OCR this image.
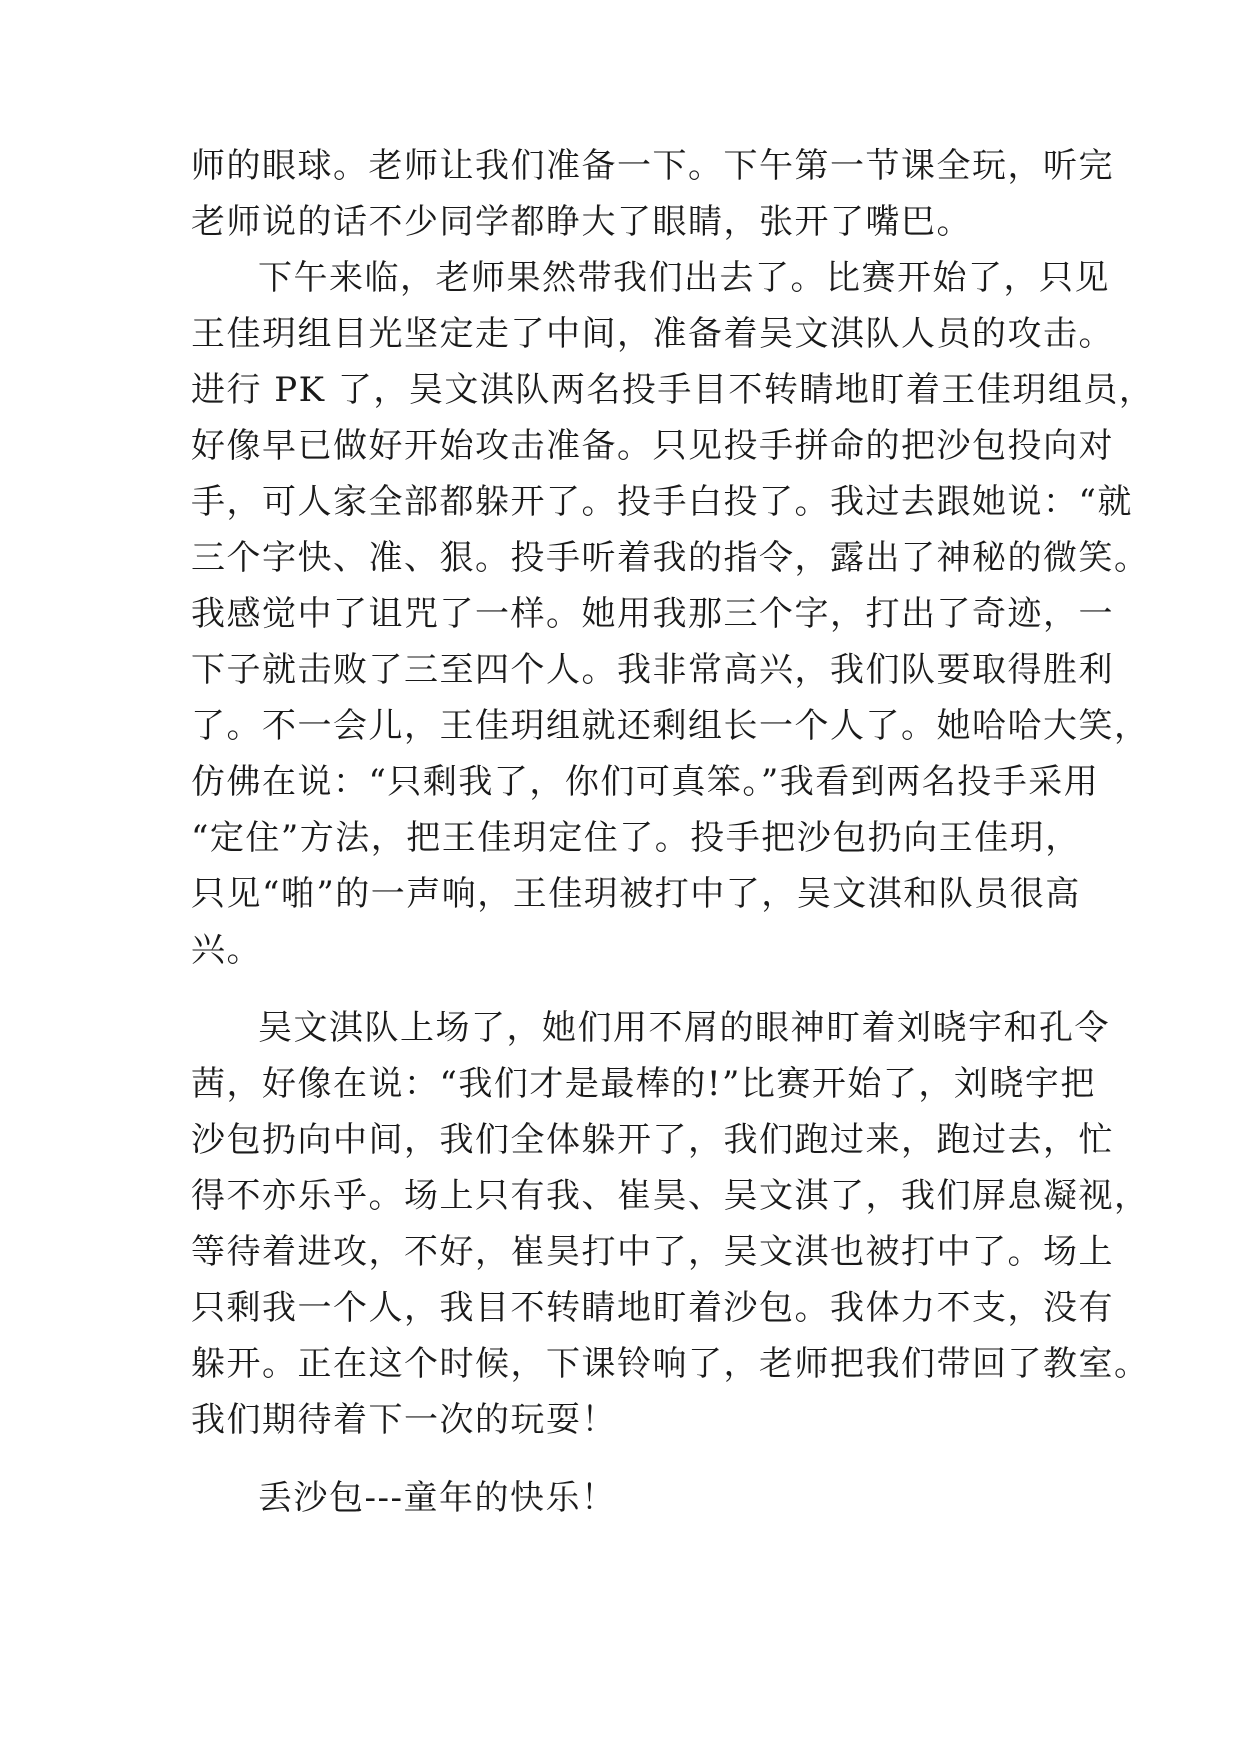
师的眼球。老师让我们准备一下。下午第一节课全玩，听完
老师说的话不少同学都睁大了眼睛，张开了嘴巴。
下午来临，老师果然带我们出去了。比赛开始了，只见
王佳玥组目光坚定走了中间，准备着吴文淇队人员的攻击。
进行 PK 了，吴文淇队两名投手目不转睛地盯着王佳玥组员，
好像早已做好开始攻击准备。只见投手拼命的把沙包投向对
手，可人家全部都躲开了。投手白投了。我过去跟她说：“就
三个字快、准、狠。投手听着我的指令，露出了神秘的微笑。
我感觉中了诅咒了一样。她用我那三个字，打出了奇迹，一
下子就击败了三至四个人。我非常高兴，我们队要取得胜利
了。不一会儿，王佳玥组就还剩组长一个人了。她哈哈大笑，
仿佛在说：“只剩我了，你们可真笨。”我看到两名投手采用
“定住”方法，把王佳玥定住了。投手把沙包扔向王佳玥，
只见“啪”的一声响，王佳玥被打中了，吴文淇和队员很高
兴。
吴文淇队上场了，她们用不屑的眼神盯着刘晓宇和孔令
茜，好像在说：“我们才是最棒的!”比赛开始了，刘晓宇把
沙包扔向中间，我们全体躲开了，我们跑过来，跑过去，忙
得不亦乐乎。场上只有我、崔昊、吴文淇了，我们屏息凝视，
等待着进攻，不好，崔昊打中了，吴文淇也被打中了。场上
只剩我一个人，我目不转睛地盯着沙包。我体力不支，没有
躲开。正在这个时候，下课铃响了，老师把我们带回了教室。
我们期待着下一次的玩耍！
丢沙包---童年的快乐！
